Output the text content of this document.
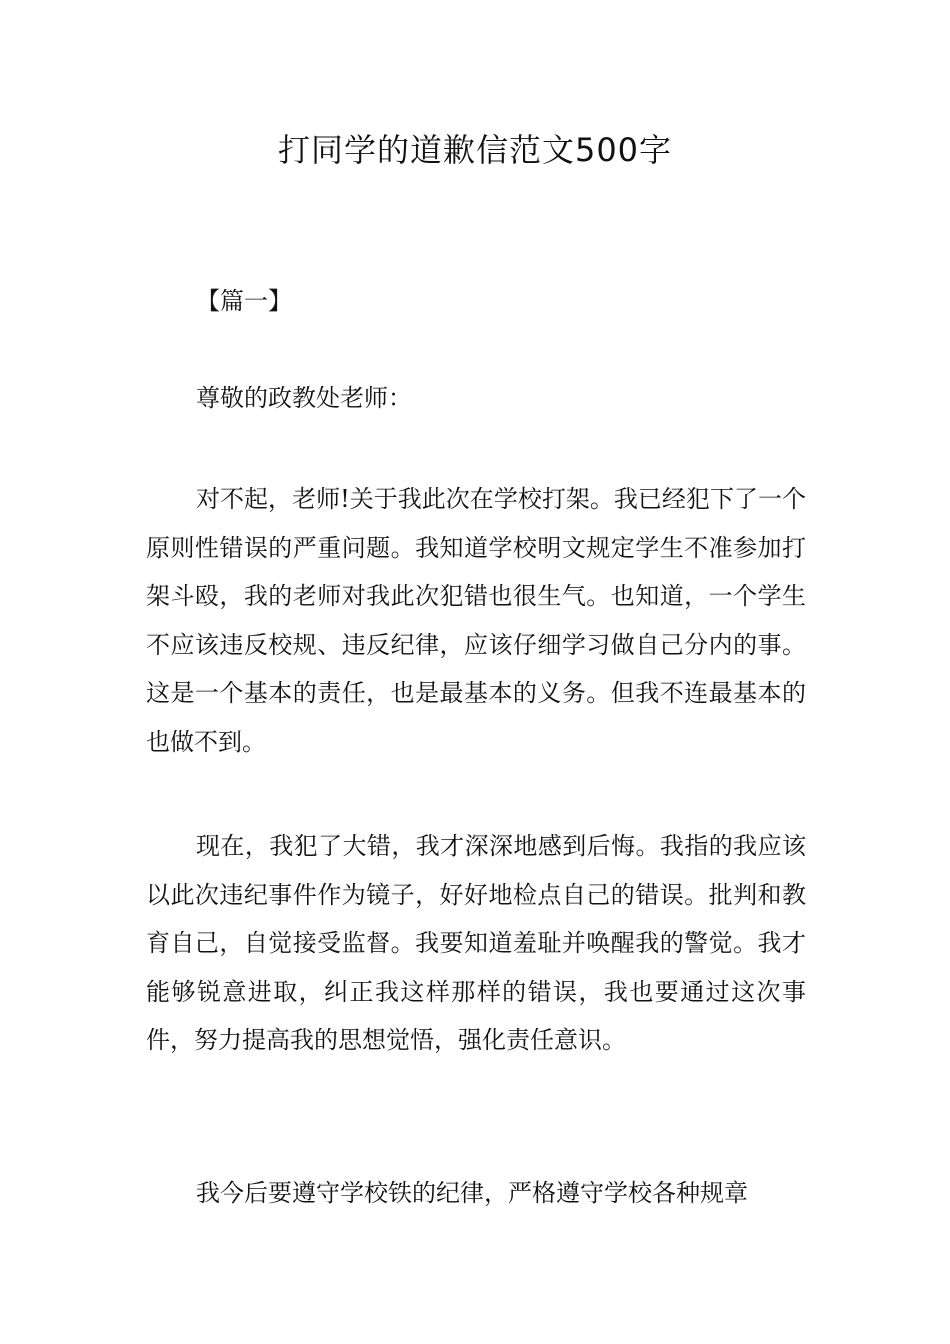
打同学的道歉信范文500字

【篇一】

尊敬的政教处老师：

对不起，老师!关于我此次在学校打架。我已经犯下了一个原则性错误的严重问题。我知道学校明文规定学生不准参加打架斗殴，我的老师对我此次犯错也很生气。也知道，一个学生不应该违反校规、违反纪律，应该仔细学习做自己分内的事。这是一个基本的责任，也是最基本的义务。但我不连最基本的也做不到。

现在，我犯了大错，我才深深地感到后悔。我指的我应该以此次违纪事件作为镜子，好好地检点自己的错误。批判和教育自己，自觉接受监督。我要知道羞耻并唤醒我的警觉。我才能够锐意进取，纠正我这样那样的错误，我也要通过这次事件，努力提高我的思想觉悟，强化责任意识。

我今后要遵守学校铁的纪律，严格遵守学校各种规章
